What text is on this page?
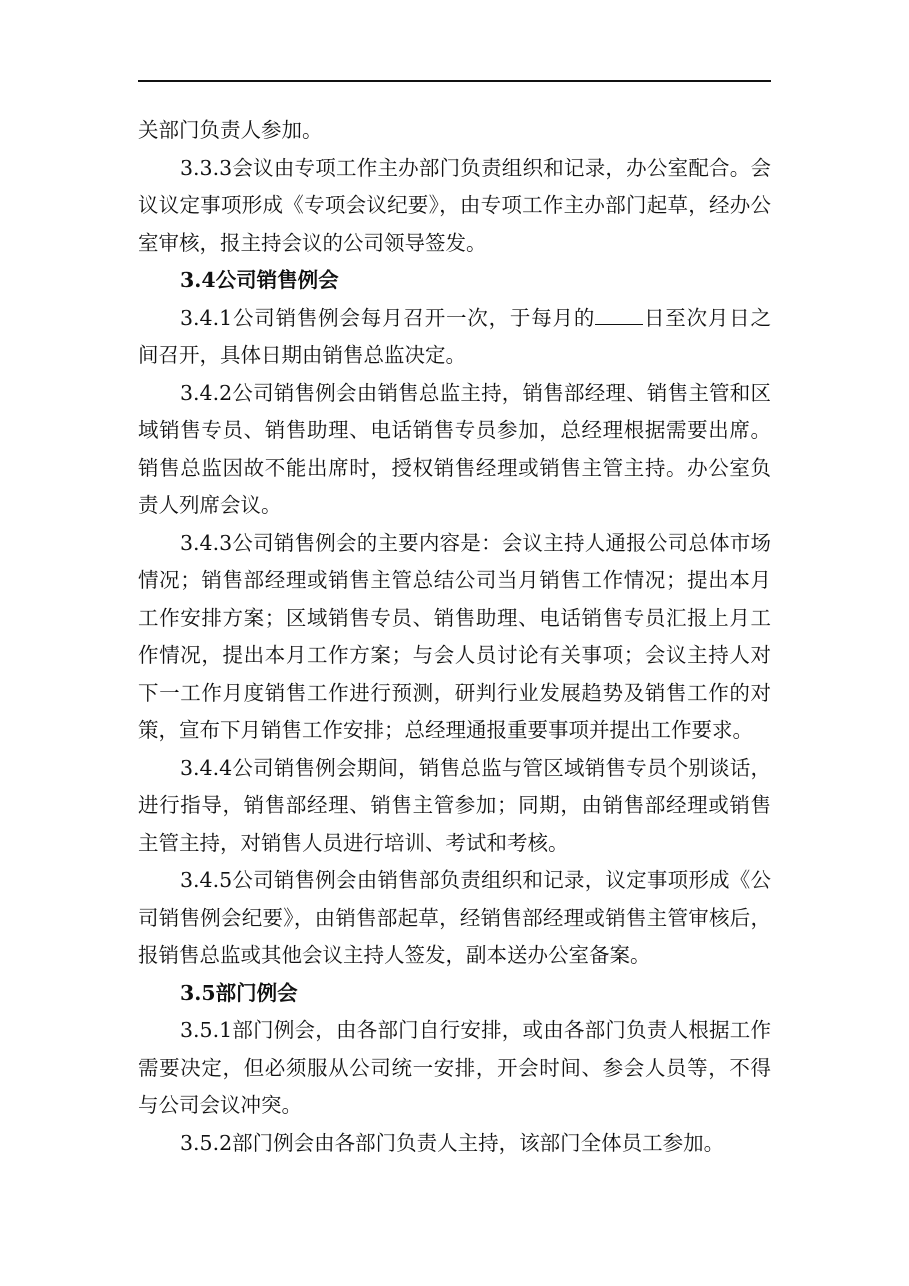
关部门负责人参加。

3.3.3会议由专项工作主办部门负责组织和记录，办公室配合。会议议定事项形成《专项会议纪要》，由专项工作主办部门起草，经办公室审核，报主持会议的公司领导签发。

3.4公司销售例会

3.4.1公司销售例会每月召开一次，于每月的 日至次月日之间召开，具体日期由销售总监决定。

3.4.2公司销售例会由销售总监主持，销售部经理、销售主管和区域销售专员、销售助理、电话销售专员参加，总经理根据需要出席。销售总监因故不能出席时，授权销售经理或销售主管主持。办公室负责人列席会议。

3.4.3公司销售例会的主要内容是：会议主持人通报公司总体市场情况；销售部经理或销售主管总结公司当月销售工作情况；提出本月工作安排方案；区域销售专员、销售助理、电话销售专员汇报上月工作情况，提出本月工作方案；与会人员讨论有关事项；会议主持人对下一工作月度销售工作进行预测，研判行业发展趋势及销售工作的对策，宣布下月销售工作安排；总经理通报重要事项并提出工作要求。

3.4.4公司销售例会期间，销售总监与管区域销售专员个别谈话，进行指导，销售部经理、销售主管参加；同期，由销售部经理或销售主管主持，对销售人员进行培训、考试和考核。

3.4.5公司销售例会由销售部负责组织和记录，议定事项形成《公司销售例会纪要》，由销售部起草，经销售部经理或销售主管审核后，报销售总监或其他会议主持人签发，副本送办公室备案。

3.5部门例会

3.5.1部门例会，由各部门自行安排，或由各部门负责人根据工作需要决定，但必须服从公司统一安排，开会时间、参会人员等，不得与公司会议冲突。

3.5.2部门例会由各部门负责人主持，该部门全体员工参加。
